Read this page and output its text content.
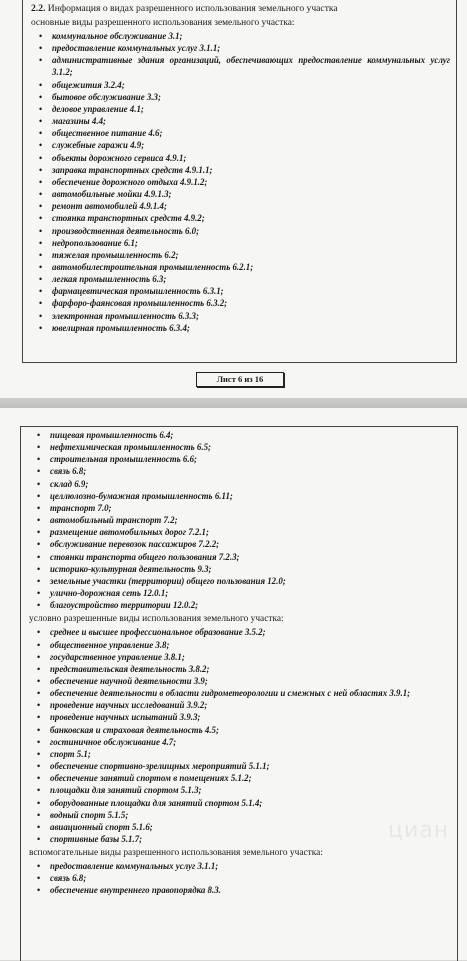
2.2. Информация о видах разрешенного использования земельного участка
основные виды разрешенного использования земельного участка:
• коммунальное обслуживание 3.1;
• предоставление коммунальных услуг 3.1.1;
• административные здания организаций, обеспечивающих предоставление коммунальных услуг 3.1.2;
• общежития 3.2.4;
• бытовое обслуживание 3.3;
• деловое управление 4.1;
• магазины 4.4;
• общественное питание 4.6;
• служебные гаражи 4.9;
• объекты дорожного сервиса 4.9.1;
• заправка транспортных средств 4.9.1.1;
• обеспечение дорожного отдыха 4.9.1.2;
• автомобильные мойки 4.9.1.3;
• ремонт автомобилей 4.9.1.4;
• стоянка транспортных средств 4.9.2;
• производственная деятельность 6.0;
• недропользование 6.1;
• тяжелая промышленность 6.2;
• автомобилестроительная промышленность 6.2.1;
• легкая промышленность 6.3;
• фармацевтическая промышленность 6.3.1;
• фарфоро-фаянсовая промышленность 6.3.2;
• электронная промышленность 6.3.3;
• ювелирная промышленность 6.3.4;
Лист 6 из 16
• пищевая промышленность 6.4;
• нефтехимическая промышленность 6.5;
• строительная промышленность 6.6;
• связь 6.8;
• склад 6.9;
• целлюлозно-бумажная промышленность 6.11;
• транспорт 7.0;
• автомобильный транспорт 7.2;
• размещение автомобильных дорог 7.2.1;
• обслуживание перевозок пассажиров 7.2.2;
• стоянки транспорта общего пользования 7.2.3;
• историко-культурная деятельность 9.3;
• земельные участки (территории) общего пользования 12.0;
• улично-дорожная сеть 12.0.1;
• благоустройство территории 12.0.2;
условно разрешенные виды использования земельного участка:
• среднее и высшее профессиональное образование 3.5.2;
• общественное управление 3.8;
• государственное управление 3.8.1;
• представительская деятельность 3.8.2;
• обеспечение научной деятельности 3.9;
• обеспечение деятельности в области гидрометеорологии и смежных с ней областях 3.9.1;
• проведение научных исследований 3.9.2;
• проведение научных испытаний 3.9.3;
• банковская и страховая деятельность 4.5;
• гостиничное обслуживание 4.7;
• спорт 5.1;
• обеспечение спортивно-зрелищных мероприятий 5.1.1;
• обеспечение занятий спортом в помещениях 5.1.2;
• площадки для занятий спортом 5.1.3;
• оборудованные площадки для занятий спортом 5.1.4;
• водный спорт 5.1.5;
• авиационный спорт 5.1.6;
• спортивные базы 5.1.7;
вспомогательные виды разрешенного использования земельного участка:
• предоставление коммунальных услуг 3.1.1;
• связь 6.8;
• обеспечение внутреннего правопорядка 8.3.
циан
